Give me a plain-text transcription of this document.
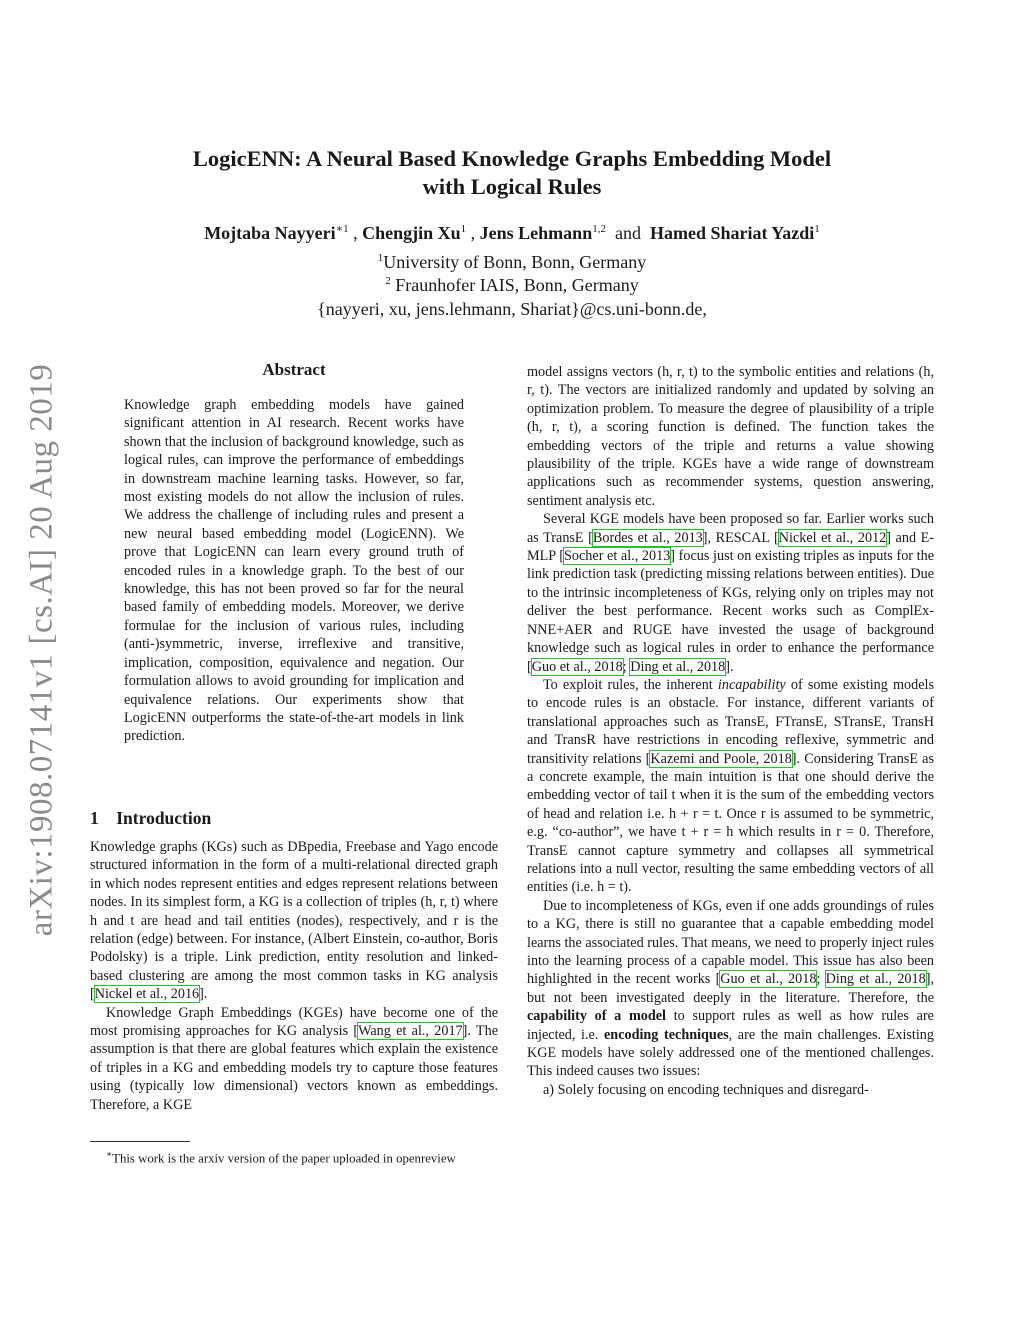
arXiv:1908.07141v1 [cs.AI] 20 Aug 2019
LogicENN: A Neural Based Knowledge Graphs Embedding Model
with Logical Rules
Mojtaba Nayyeri$^{∗1}$ , Chengjin Xu$^1$ , Jens Lehmann$^{1,2}$ and Hamed Shariat Yazdi$^1$
$^1$University of Bonn, Bonn, Germany
$^2$ Fraunhofer IAIS, Bonn, Germany
{nayyeri, xu, jens.lehmann, Shariat}@cs.uni-bonn.de,
Abstract
Knowledge graph embedding models have gained significant attention in AI research. Recent works have shown that the inclusion of background knowledge, such as logical rules, can improve the performance of embeddings in downstream machine learning tasks. However, so far, most existing models do not allow the inclusion of rules. We address the challenge of including rules and present a new neural based embedding model (LogicENN). We prove that LogicENN can learn every ground truth of encoded rules in a knowledge graph. To the best of our knowledge, this has not been proved so far for the neural based family of embedding models. Moreover, we derive formulae for the inclusion of various rules, including (anti-)symmetric, inverse, irreflexive and transitive, implication, composition, equivalence and negation. Our formulation allows to avoid grounding for implication and equivalence relations. Our experiments show that LogicENN outperforms the state-of-the-art models in link prediction.
1    Introduction

Knowledge graphs (KGs) such as DBpedia, Freebase and Yago encode structured information in the form of a multi-relational directed graph in which nodes represent entities and edges represent relations between nodes. In its simplest form, a KG is a collection of triples (h, r, t) where h and t are head and tail entities (nodes), respectively, and r is the relation (edge) between. For instance, (Albert Einstein, co-author, Boris Podolsky) is a triple. Link prediction, entity resolution and linked-based clustering are among the most common tasks in KG analysis [Nickel et al., 2016].

Knowledge Graph Embeddings (KGEs) have become one of the most promising approaches for KG analysis [Wang et al., 2017]. The assumption is that there are global features which explain the existence of triples in a KG and embedding models try to capture those features using (typically low dimensional) vectors known as embeddings. Therefore, a KGE

∗This work is the arxiv version of the paper uploaded in openreview

model assigns vectors (h, r, t) to the symbolic entities and relations (h, r, t). The vectors are initialized randomly and updated by solving an optimization problem. To measure the degree of plausibility of a triple (h, r, t), a scoring function is defined. The function takes the embedding vectors of the triple and returns a value showing plausibility of the triple. KGEs have a wide range of downstream applications such as recommender systems, question answering, sentiment analysis etc.

Several KGE models have been proposed so far. Earlier works such as TransE [Bordes et al., 2013], RESCAL [Nickel et al., 2012] and E-MLP [Socher et al., 2013] focus just on existing triples as inputs for the link prediction task (predicting missing relations between entities). Due to the intrinsic incompleteness of KGs, relying only on triples may not deliver the best performance. Recent works such as ComplEx-NNE+AER and RUGE have invested the usage of background knowledge such as logical rules in order to enhance the performance [Guo et al., 2018; Ding et al., 2018].

To exploit rules, the inherent incapability of some existing models to encode rules is an obstacle. For instance, different variants of translational approaches such as TransE, FTransE, STransE, TransH and TransR have restrictions in encoding reflexive, symmetric and transitivity relations [Kazemi and Poole, 2018]. Considering TransE as a concrete example, the main intuition is that one should derive the embedding vector of tail t when it is the sum of the embedding vectors of head and relation i.e. h + r = t. Once r is assumed to be symmetric, e.g. “co-author”, we have t + r = h which results in r = 0. Therefore, TransE cannot capture symmetry and collapses all symmetrical relations into a null vector, resulting the same embedding vectors of all entities (i.e. h = t).

Due to incompleteness of KGs, even if one adds groundings of rules to a KG, there is still no guarantee that a capable embedding model learns the associated rules. That means, we need to properly inject rules into the learning process of a capable model. This issue has also been highlighted in the recent works [Guo et al., 2018; Ding et al., 2018], but not been investigated deeply in the literature. Therefore, the capability of a model to support rules as well as how rules are injected, i.e. encoding techniques, are the main challenges. Existing KGE models have solely addressed one of the mentioned challenges. This indeed causes two issues:

a) Solely focusing on encoding techniques and disregard-
